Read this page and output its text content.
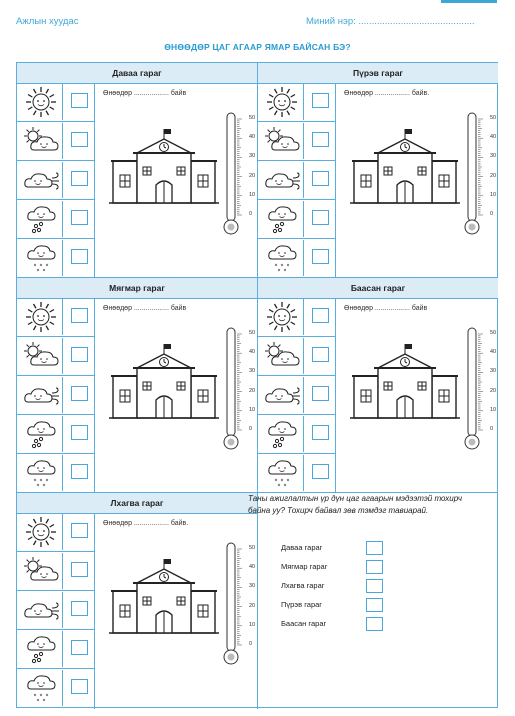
Ажлын хуудас	Миний нэр: ............................................
ӨНӨӨДӨР ЦАГ АГААР ЯМАР БАЙСАН БЭ?
Даваа гараг
Өнөөдөр .................. байв
50
40
30
20
10
0
Пүрэв гараг
Өнөөдөр .................. байв.
50
40
30
20
10
0
Мягмар гараг
Өнөөдөр .................. байв
50
40
30
20
10
0
Баасан гараг
Өнөөдөр .................. байв
50
40
30
20
10
0
Лхагва гараг
Өнөөдөр .................. байв.
50
40
30
20
10
0
Таны ажиглалтын үр дүн цаг агаарын мэдээтэй тохирч байна уу? Тохирч байвал зөв тэмдэг тавиарай.
Даваа гараг
Мягмар гараг
Лхагва гараг
Пүрэв гараг
Баасан гараг
